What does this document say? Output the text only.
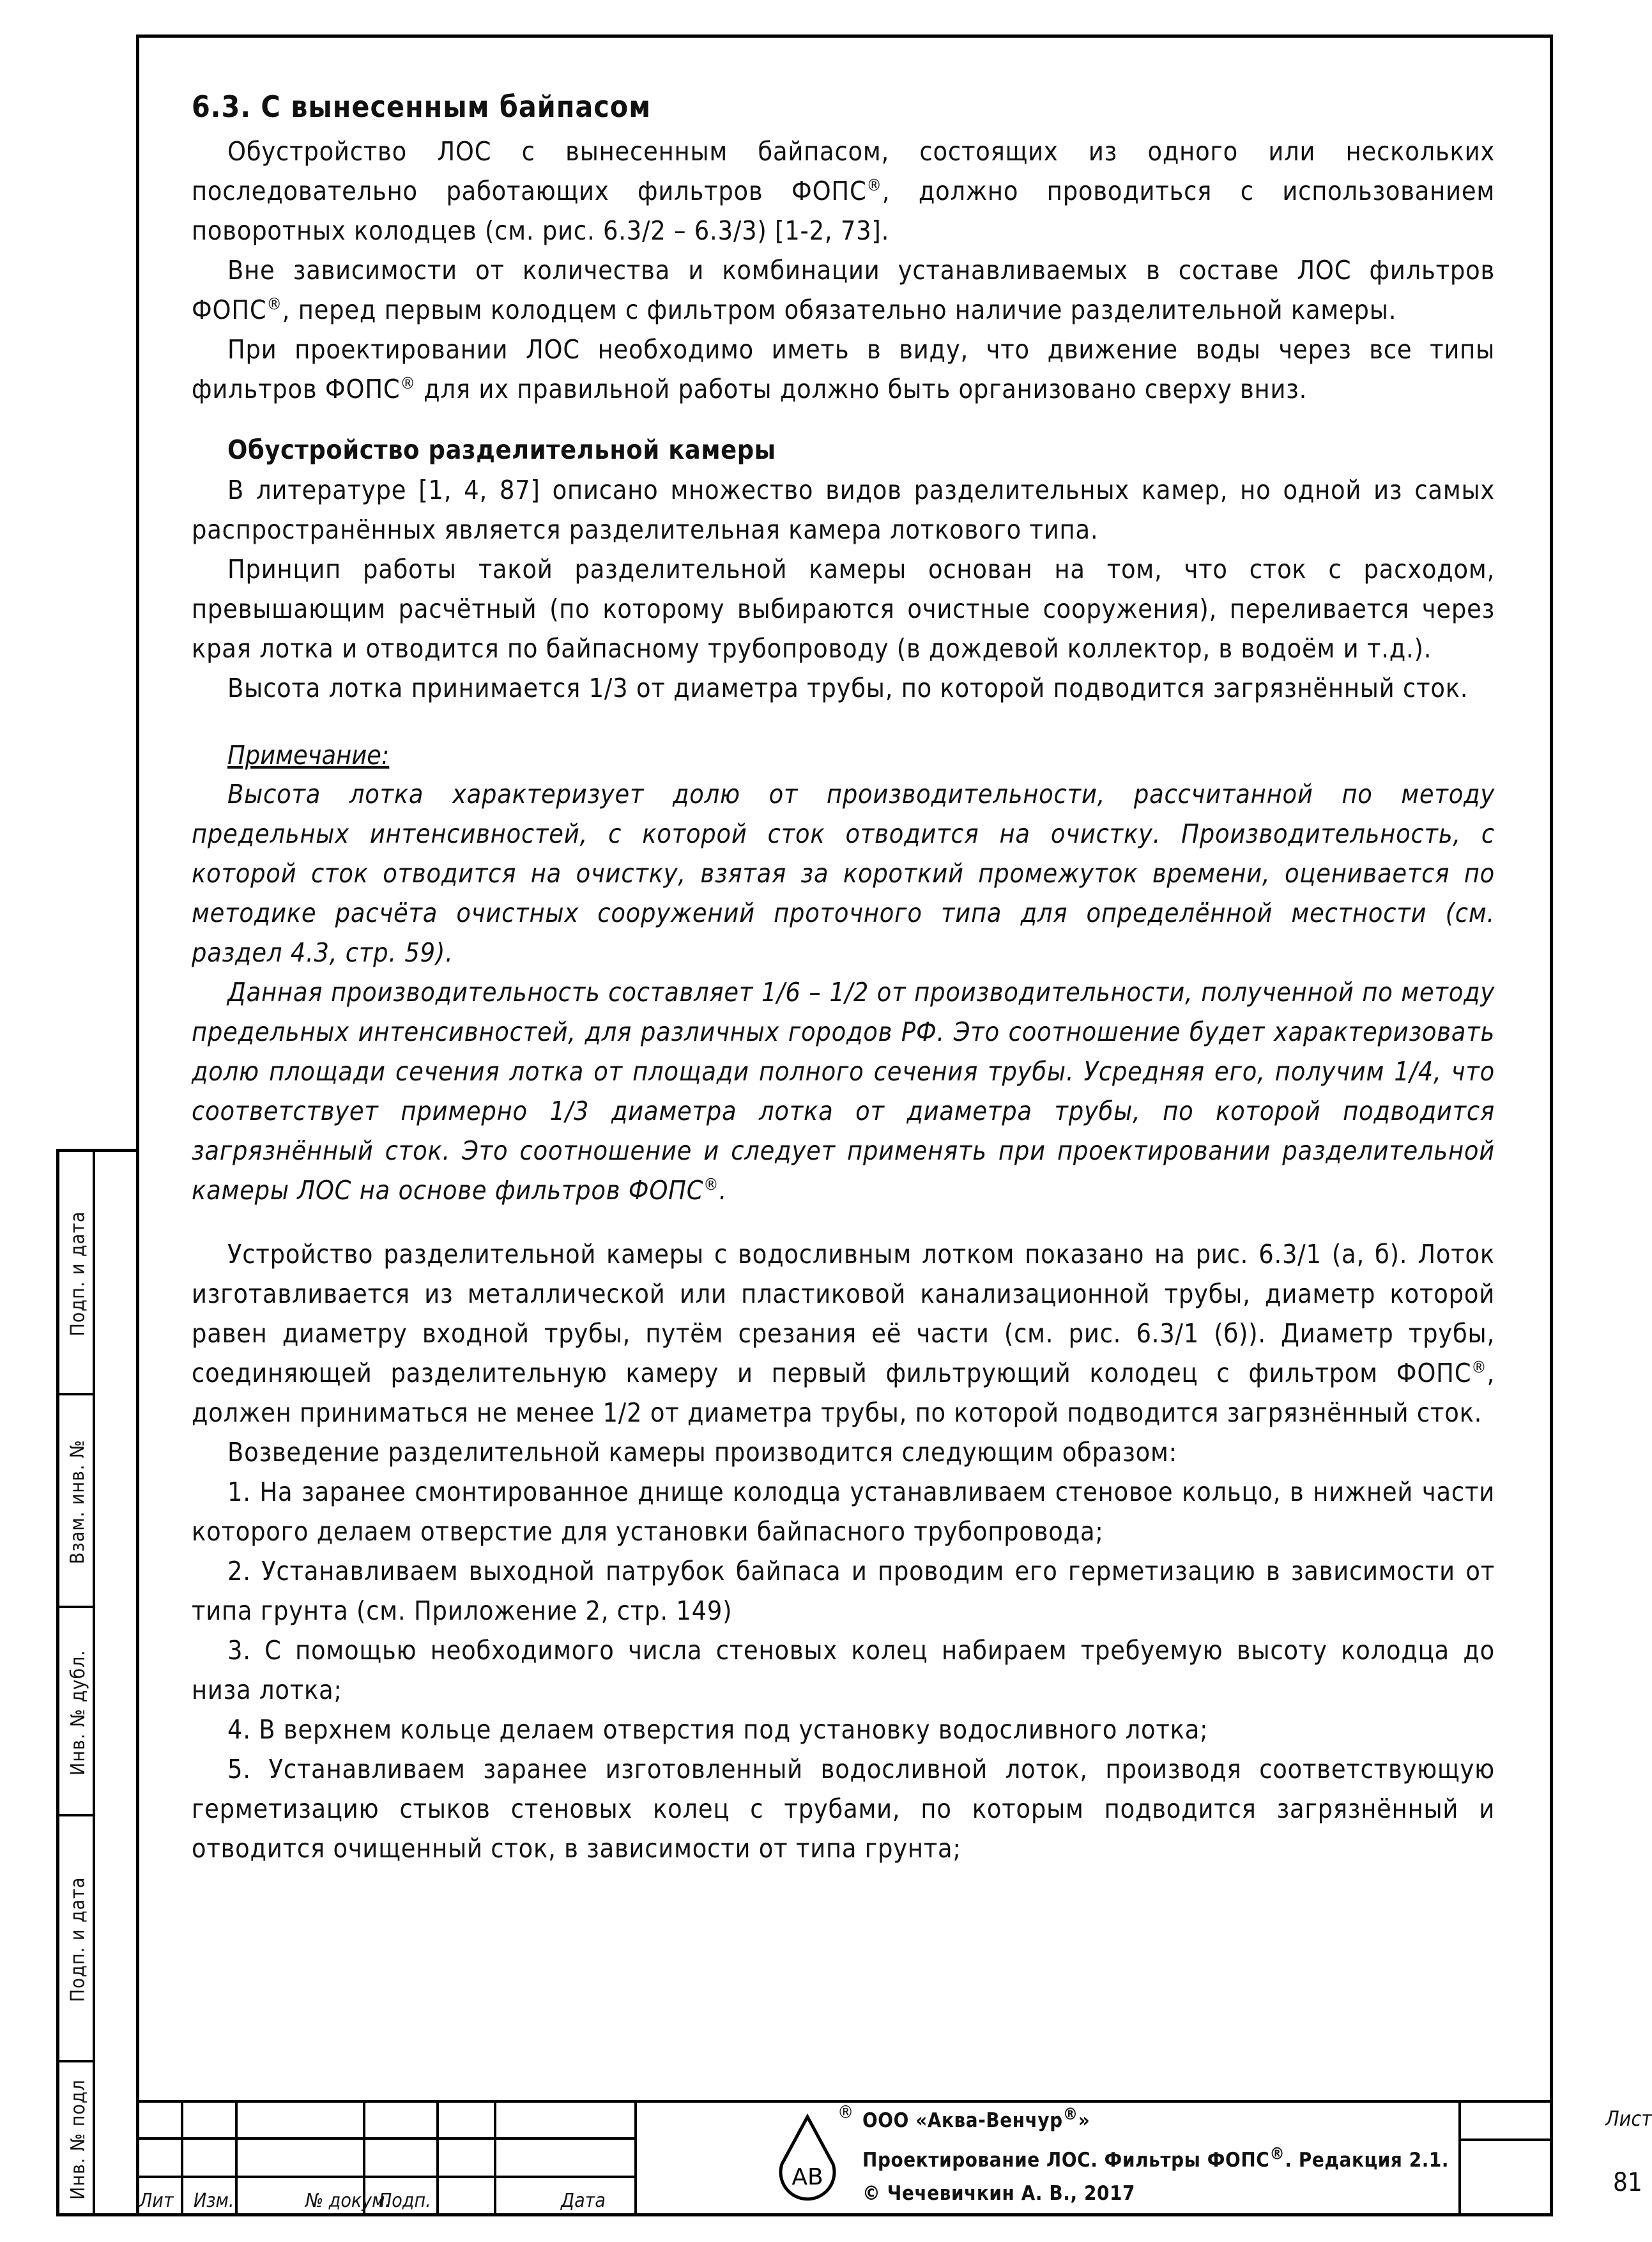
Подп. и дата
Взам. инв. №
Инв. № дубл.
Подп. и дата
Инв. № подл
6.3. С вынесенным байпасом

Обустройство ЛОС с вынесенным байпасом, состоящих из одного или нескольких последовательно работающих фильтров ФОПС®, должно проводиться с использованием поворотных колодцев (см. рис. 6.3/2 – 6.3/3) [1-2, 73].

Вне зависимости от количества и комбинации устанавливаемых в составе ЛОС фильтров ФОПС®, перед первым колодцем с фильтром обязательно наличие разделительной камеры.

При проектировании ЛОС необходимо иметь в виду, что движение воды через все типы фильтров ФОПС® для их правильной работы должно быть организовано сверху вниз.

Обустройство разделительной камеры

В литературе [1, 4, 87] описано множество видов разделительных камер, но одной из самых распространённых является разделительная камера лоткового типа.

Принцип работы такой разделительной камеры основан на том, что сток с расходом, превышающим расчётный (по которому выбираются очистные сооружения), переливается через края лотка и отводится по байпасному трубопроводу (в дождевой коллектор, в водоём и т.д.).

Высота лотка принимается 1/3 от диаметра трубы, по которой подводится загрязнённый сток.

Примечание:

Высота лотка характеризует долю от производительности, рассчитанной по методу предельных интенсивностей, с которой сток отводится на очистку. Производительность, с которой сток отводится на очистку, взятая за короткий промежуток времени, оценивается по методике расчёта очистных сооружений проточного типа для определённой местности (см. раздел 4.3, стр. 59).

Данная производительность составляет 1/6 – 1/2 от производительности, полученной по методу предельных интенсивностей, для различных городов РФ. Это соотношение будет характеризовать долю площади сечения лотка от площади полного сечения трубы. Усредняя его, получим 1/4, что соответствует примерно 1/3 диаметра лотка от диаметра трубы, по которой подводится загрязнённый сток. Это соотношение и следует применять при проектировании разделительной камеры ЛОС на основе фильтров ФОПС®.

Устройство разделительной камеры с водосливным лотком показано на рис. 6.3/1 (а, б). Лоток изготавливается из металлической или пластиковой канализационной трубы, диаметр которой равен диаметру входной трубы, путём срезания её части (см. рис. 6.3/1 (б)). Диаметр трубы, соединяющей разделительную камеру и первый фильтрующий колодец с фильтром ФОПС®, должен приниматься не менее 1/2 от диаметра трубы, по которой подводится загрязнённый сток.

Возведение разделительной камеры производится следующим образом:

1. На заранее смонтированное днище колодца устанавливаем стеновое кольцо, в нижней части которого делаем отверстие для установки байпасного трубопровода;

2. Устанавливаем выходной патрубок байпаса и проводим его герметизацию в зависимости от типа грунта (см. Приложение 2, стр. 149)

3. С помощью необходимого числа стеновых колец набираем требуемую высоту колодца до низа лотка;

4. В верхнем кольце делаем отверстия под установку водосливного лотка;

5. Устанавливаем заранее изготовленный водосливной лоток, производя соответствующую герметизацию стыков стеновых колец с трубами, по которым подводится загрязнённый и отводится очищенный сток, в зависимости от типа грунта;

Лит Изм.	№ докум.
Подп.	Дата
АВ
® ООО «Аква-Венчур®»
Проектирование ЛОС. Фильтры ФОПС®. Редакция 2.1.
© Чечевичкин А. В., 2017
Лист
81
